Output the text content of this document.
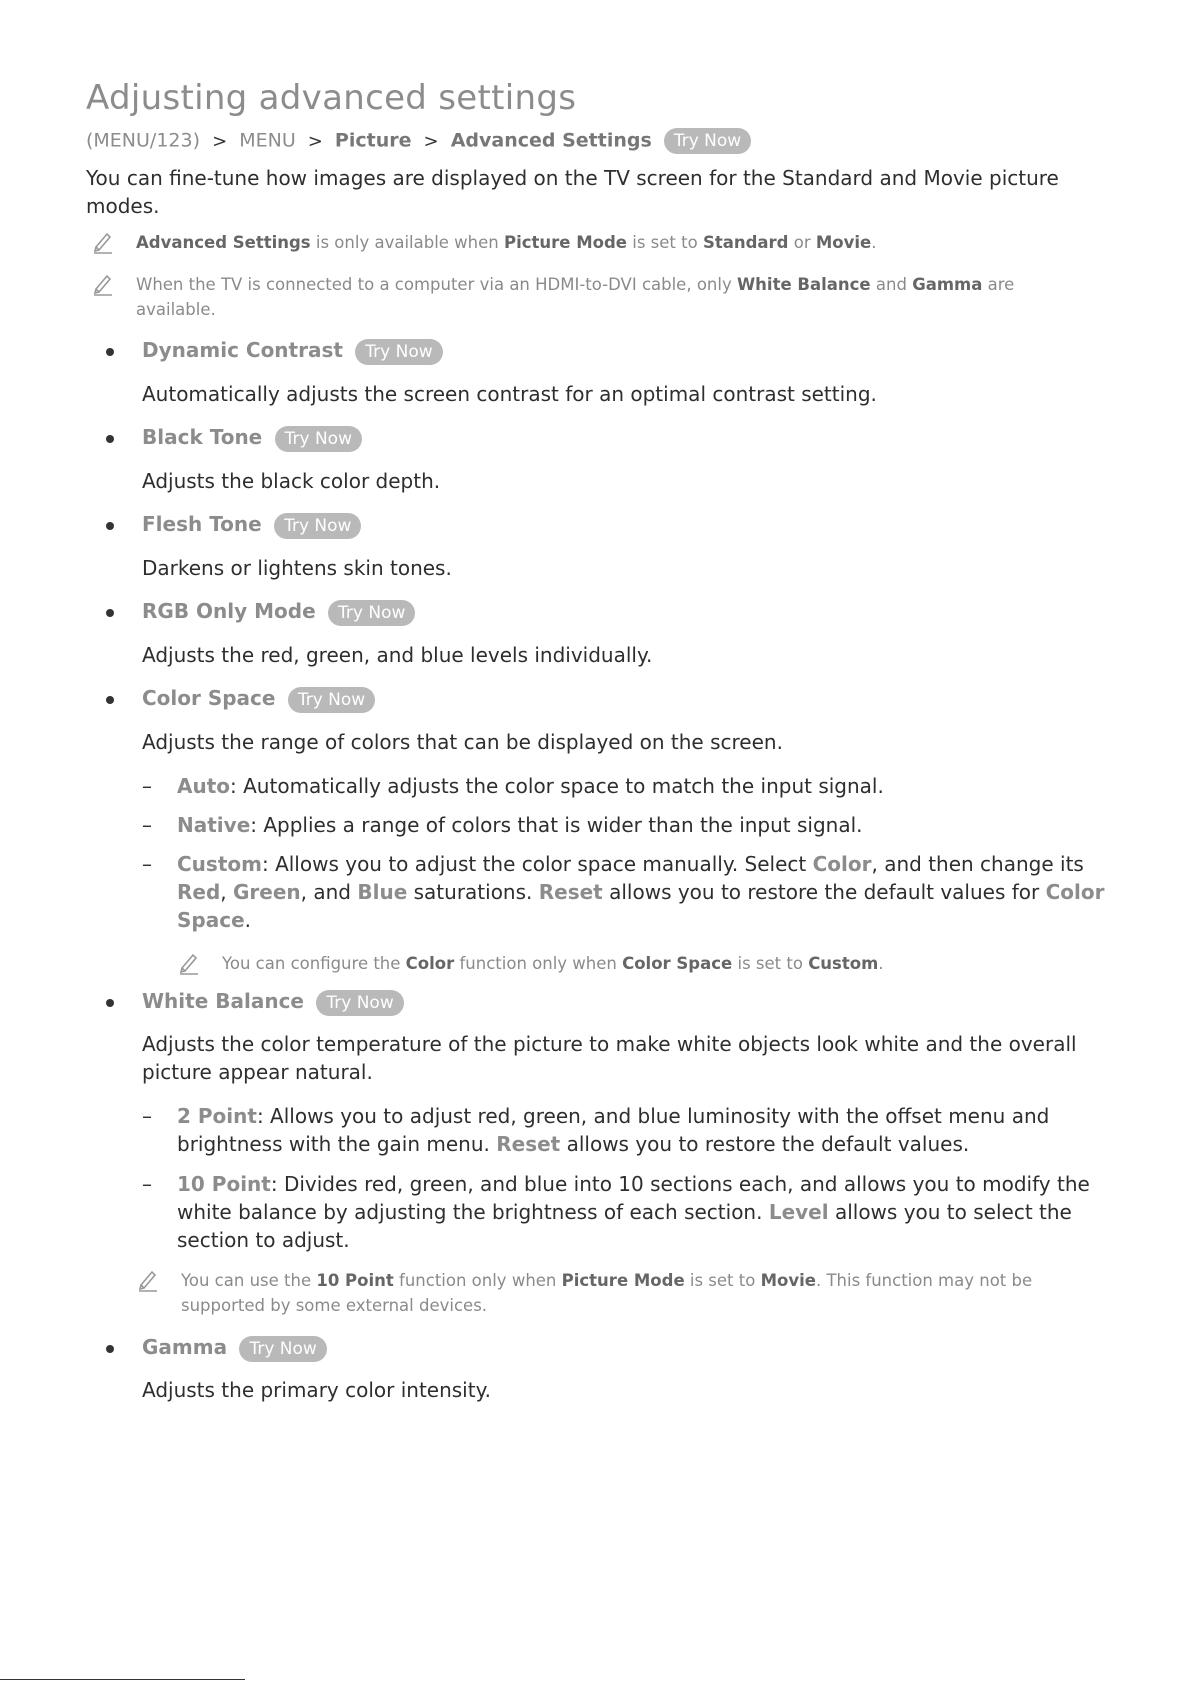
Adjusting advanced settings
(MENU/123) > MENU > Picture > Advanced Settings Try Now

You can fine-tune how images are displayed on the TV screen for the Standard and Movie picture modes.

Advanced Settings is only available when Picture Mode is set to Standard or Movie.
When the TV is connected to a computer via an HDMI-to-DVI cable, only White Balance and Gamma are available.
Dynamic Contrast Try Now

Automatically adjusts the screen contrast for an optimal contrast setting.

Black Tone Try Now

Adjusts the black color depth.

Flesh Tone Try Now

Darkens or lightens skin tones.

RGB Only Mode Try Now

Adjusts the red, green, and blue levels individually.

Color Space Try Now

Adjusts the range of colors that can be displayed on the screen.

– Auto: Automatically adjusts the color space to match the input signal.

– Native: Applies a range of colors that is wider than the input signal.

– Custom: Allows you to adjust the color space manually. Select Color, and then change its Red, Green, and Blue saturations. Reset allows you to restore the default values for Color Space.

You can configure the Color function only when Color Space is set to Custom.
White Balance Try Now

Adjusts the color temperature of the picture to make white objects look white and the overall picture appear natural.

– 2 Point: Allows you to adjust red, green, and blue luminosity with the offset menu and brightness with the gain menu. Reset allows you to restore the default values.

– 10 Point: Divides red, green, and blue into 10 sections each, and allows you to modify the white balance by adjusting the brightness of each section. Level allows you to select the section to adjust.

You can use the 10 Point function only when Picture Mode is set to Movie. This function may not be supported by some external devices.
Gamma Try Now

Adjusts the primary color intensity.
